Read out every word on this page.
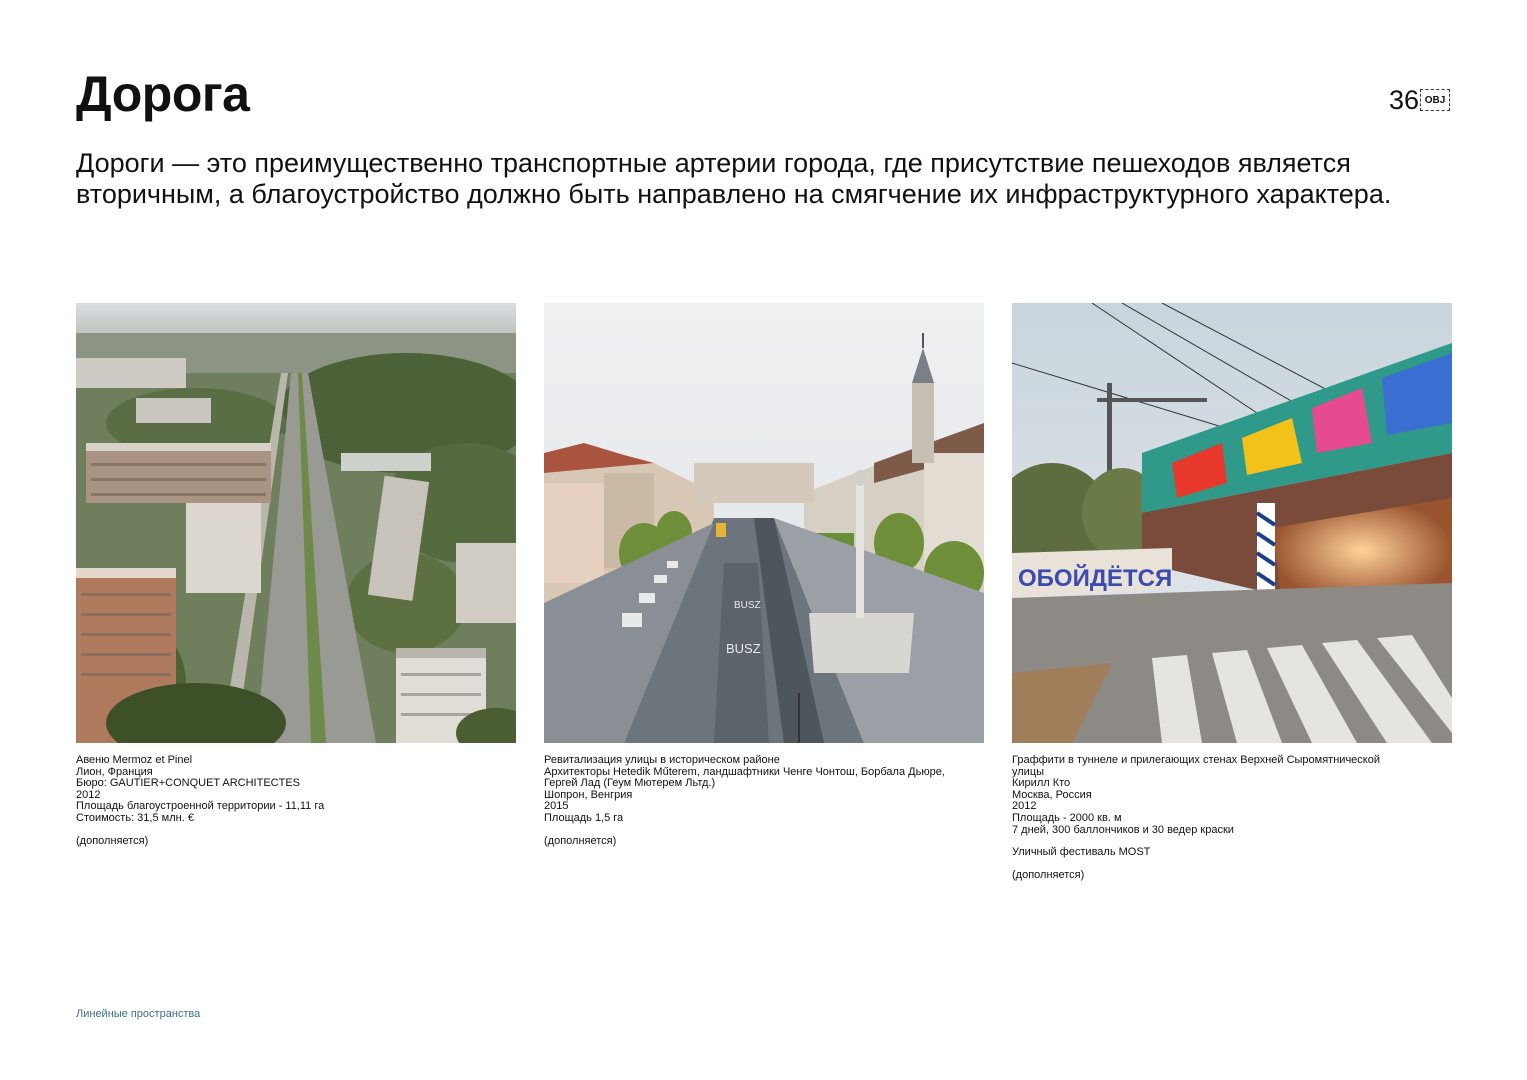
Дорога	36 OBJ

Дороги — это преимущественно транспортные артерии города, где присутствие пешеходов является вторичным, а благоустройство должно быть направлено на смягчение их инфраструктурного характера.

BUSZ
BUSZ
ОБОЙДЁТСЯ
Авеню Mermoz et Pinel
Лион, Франция
Бюро: GAUTIER+CONQUET ARCHITECTES
2012
Площадь благоустроенной территории - 11,11 га
Стоимость: 31,5 млн. €
(дополняется)
Ревитализация улицы в историческом районе
Архитекторы Hetedik Műterem, ландшафтники Ченге Чонтош, Борбала Дьюре,
Гергей Лад (Геум Мютерем Льтд.)
Шопрон, Венгрия
2015
Площадь 1,5 га
(дополняется)
Граффити в туннеле и прилегающих стенах Верхней Сыромятнической
улицы
Кирилл Кто
Москва, Россия
2012
Площадь - 2000 кв. м
7 дней, 300 баллончиков и 30 ведер краски
Уличный фестиваль MOST
(дополняется)
Линейные пространства
